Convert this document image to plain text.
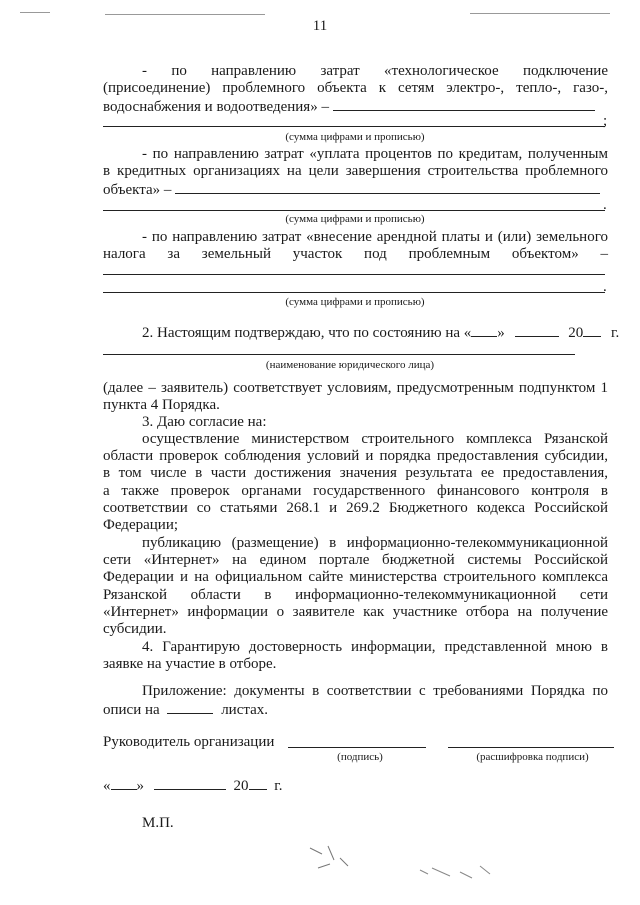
11
- по направлению затрат «технологическое подключение
(присоединение) проблемного объекта к сетям электро-, тепло-, газо-,
водоснабжения и водоотведения» –
;
(сумма цифрами и прописью)
- по направлению затрат «уплата процентов по кредитам, полученным
в кредитных организациях на цели завершения строительства проблемного
объекта» –
.
(сумма цифрами и прописью)
- по направлению затрат «внесение арендной платы и (или) земельного
налога за земельный участок под проблемным объектом» –
.
(сумма цифрами и прописью)
2. Настоящим подтверждаю, что по состоянию на « »	20 г.
(наименование юридического лица)
(далее – заявитель) соответствует условиям, предусмотренным подпунктом 1
пункта 4 Порядка.
3. Даю согласие на:
осуществление министерством строительного комплекса Рязанской
области проверок соблюдения условий и порядка предоставления субсидии,
в том числе в части достижения значения результата ее предоставления,
а также проверок органами государственного финансового контроля в
соответствии со статьями 268.1 и 269.2 Бюджетного кодекса Российской
Федерации;
публикацию (размещение) в информационно-телекоммуникационной
сети «Интернет» на едином портале бюджетной системы Российской
Федерации и на официальном сайте министерства строительного комплекса
Рязанской области в информационно-телекоммуникационной сети
«Интернет» информации о заявителе как участнике отбора на получение
субсидии.
4. Гарантирую достоверность информации, представленной мною в
заявке на участие в отборе.
Приложение: документы в соответствии с требованиями Порядка по
описи на	листах.
Руководитель организации
(подпись)	(расшифровка подписи)
« »	20 г.
М.П.
